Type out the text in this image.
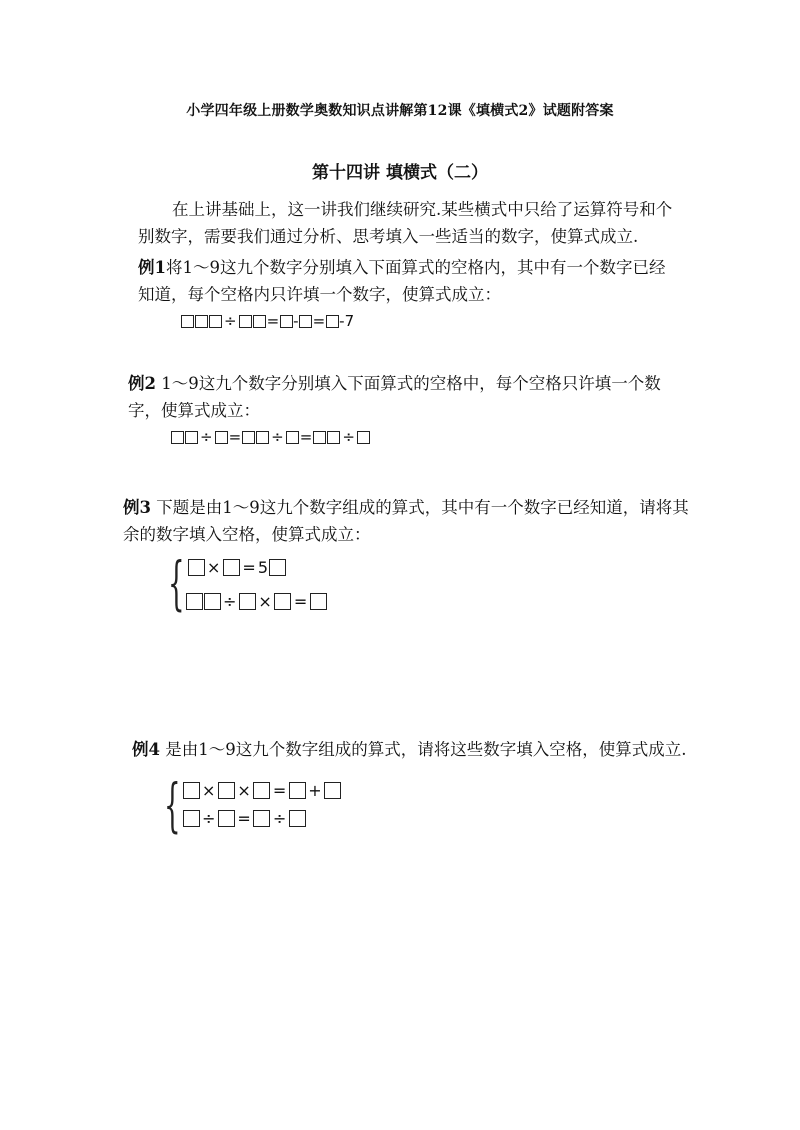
小学四年级上册数学奥数知识点讲解第12课《填横式2》试题附答案
第十四讲 填横式（二）
在上讲基础上，这一讲我们继续研究.某些横式中只给了运算符号和个别数字，需要我们通过分析、思考填入一些适当的数字，使算式成立.
例1将1～9这九个数字分别填入下面算式的空格内，其中有一个数字已经知道，每个空格内只许填一个数字，使算式成立：
÷ = - = -7
例2 1～9这九个数字分别填入下面算式的空格中，每个空格只许填一个数字，使算式成立：
÷ = ÷ = ÷
例3 下题是由1～9这九个数字组成的算式，其中有一个数字已经知道，请将其余的数字填入空格，使算式成立：
{ × = 5
÷ × =
例4 是由1～9这九个数字组成的算式，请将这些数字填入空格，使算式成立.
{ × × = +
÷ = ÷
